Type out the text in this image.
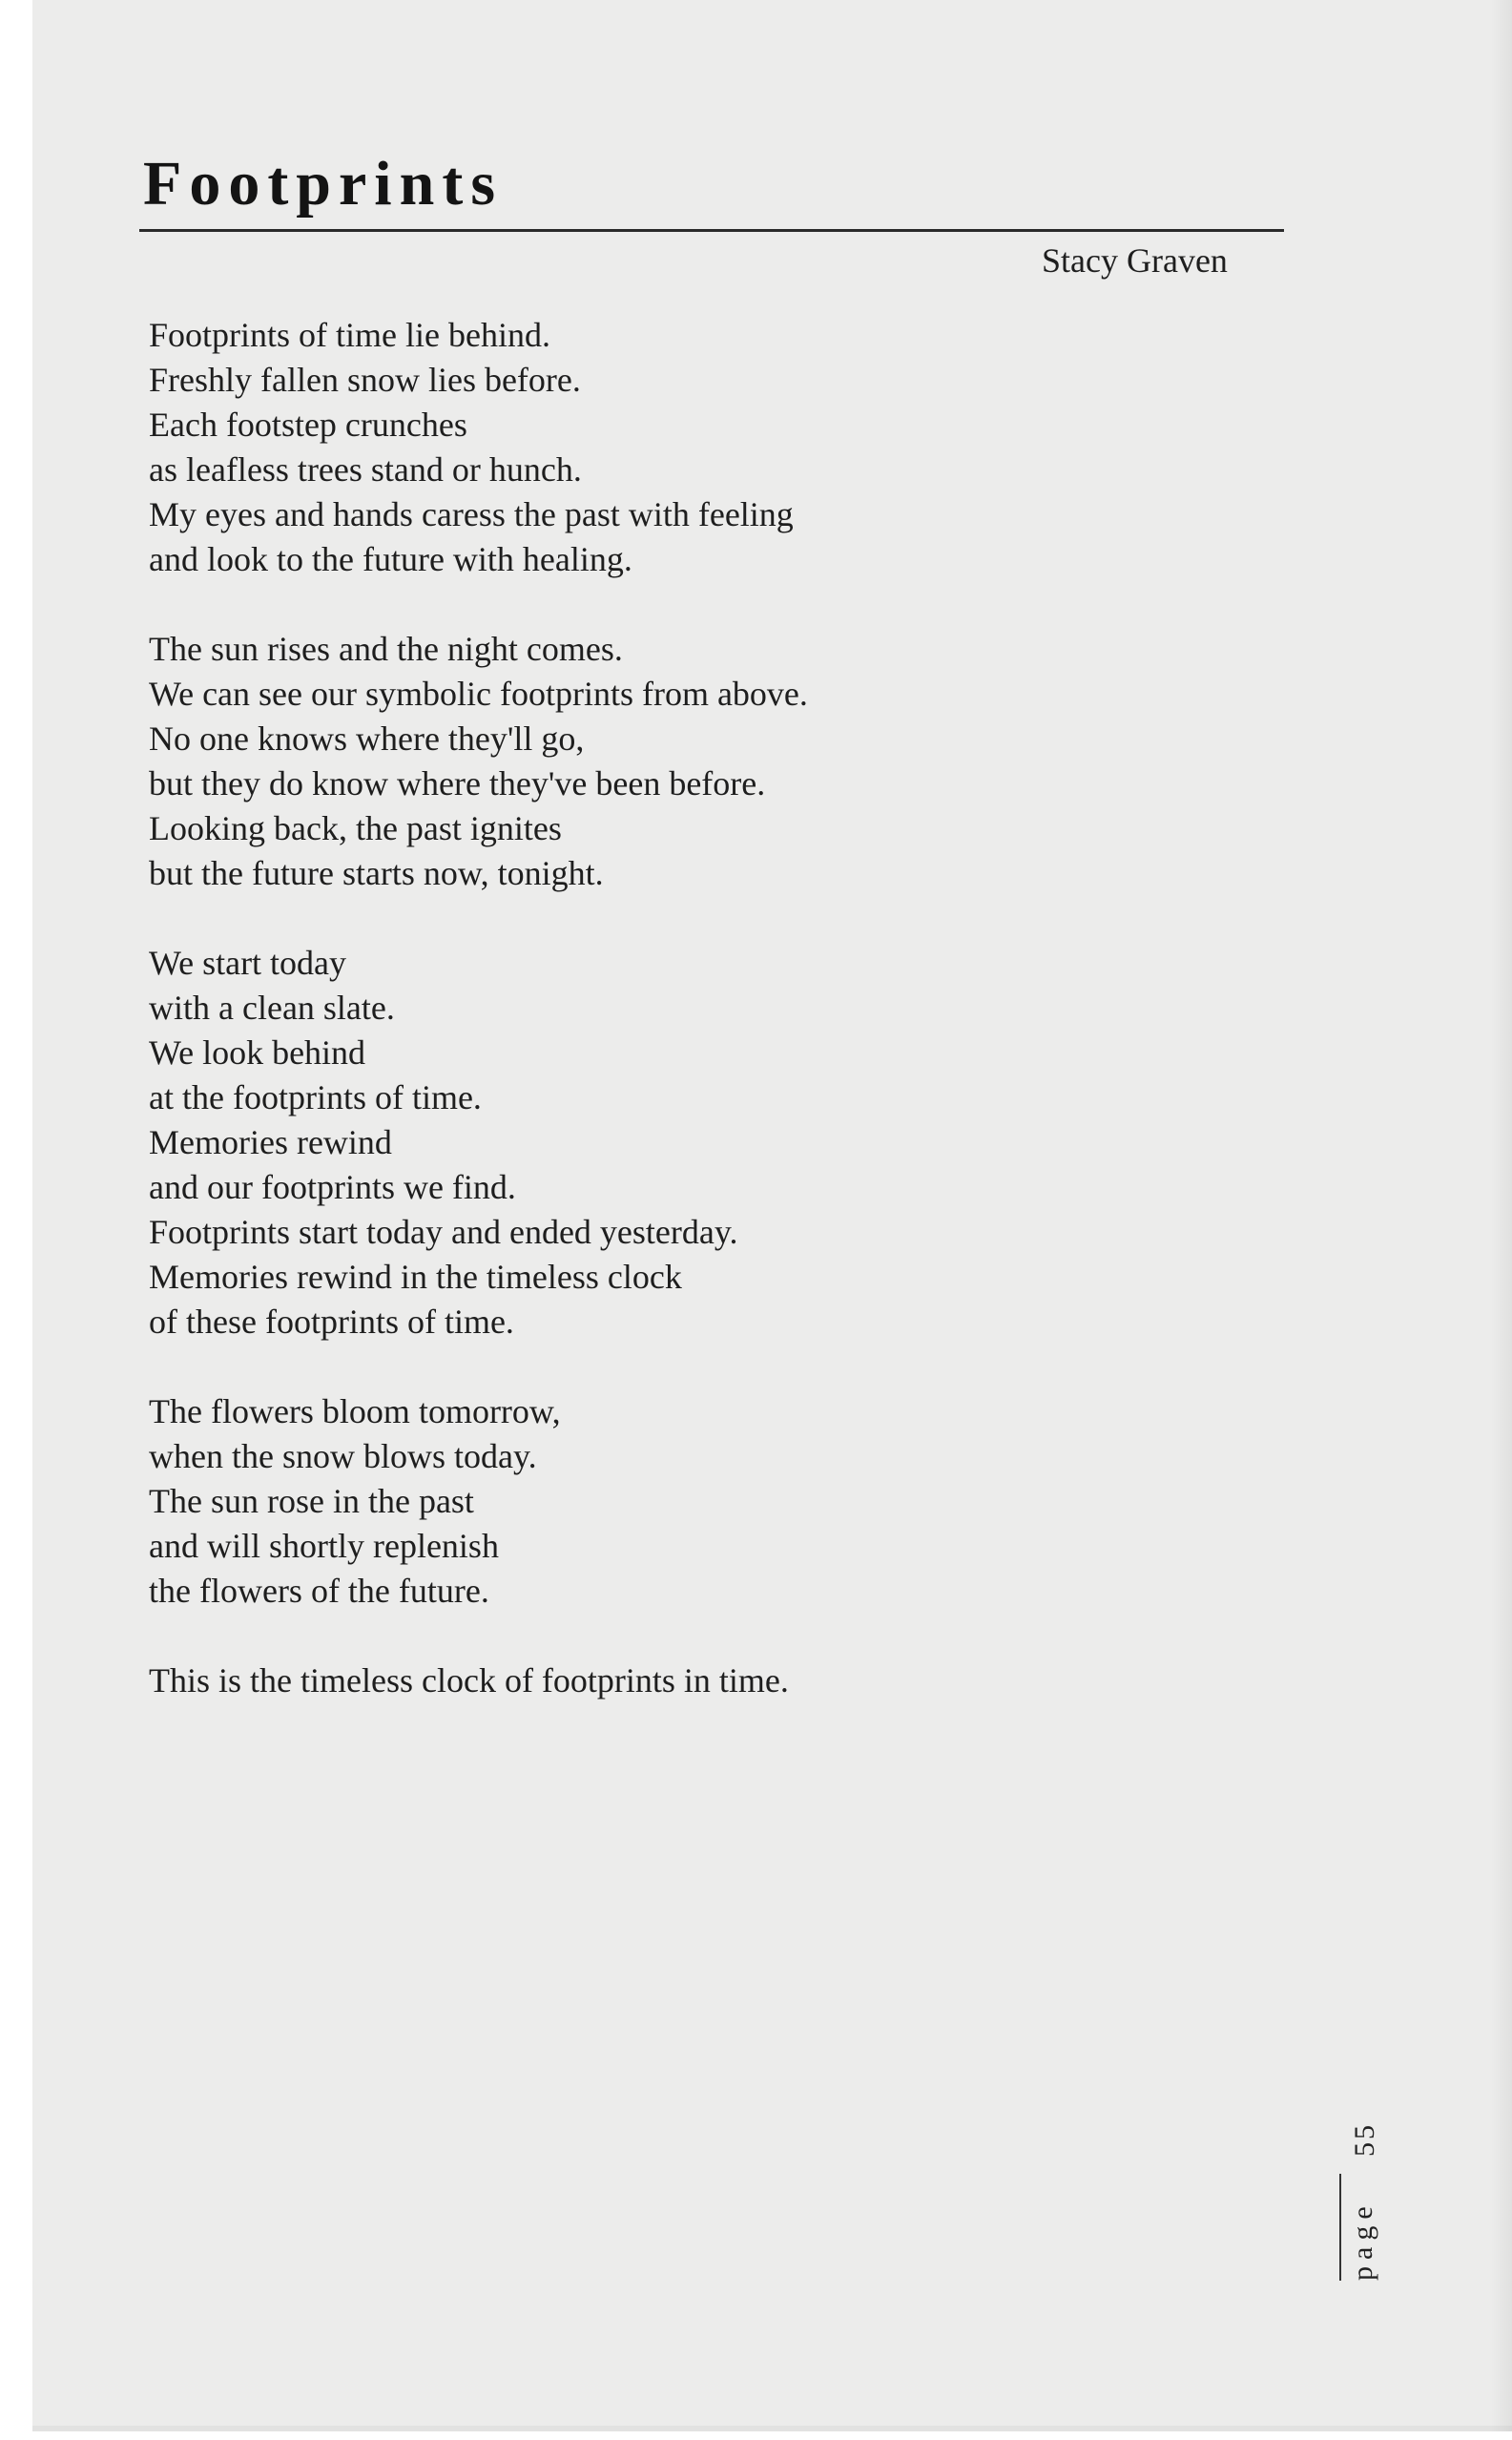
Footprints
Stacy Graven
Footprints of time lie behind.
Freshly fallen snow lies before.
Each footstep crunches
as leafless trees stand or hunch.
My eyes and hands caress the past with feeling
and look to the future with healing.
The sun rises and the night comes.
We can see our symbolic footprints from above.
No one knows where they'll go,
but they do know where they've been before.
Looking back, the past ignites
but the future starts now, tonight.
We start today
with a clean slate.
We look behind
at the footprints of time.
Memories rewind
and our footprints we find.
Footprints start today and ended yesterday.
Memories rewind in the timeless clock
of these footprints of time.
The flowers bloom tomorrow,
when the snow blows today.
The sun rose in the past
and will shortly replenish
the flowers of the future.
This is the timeless clock of footprints in time.
page
55
